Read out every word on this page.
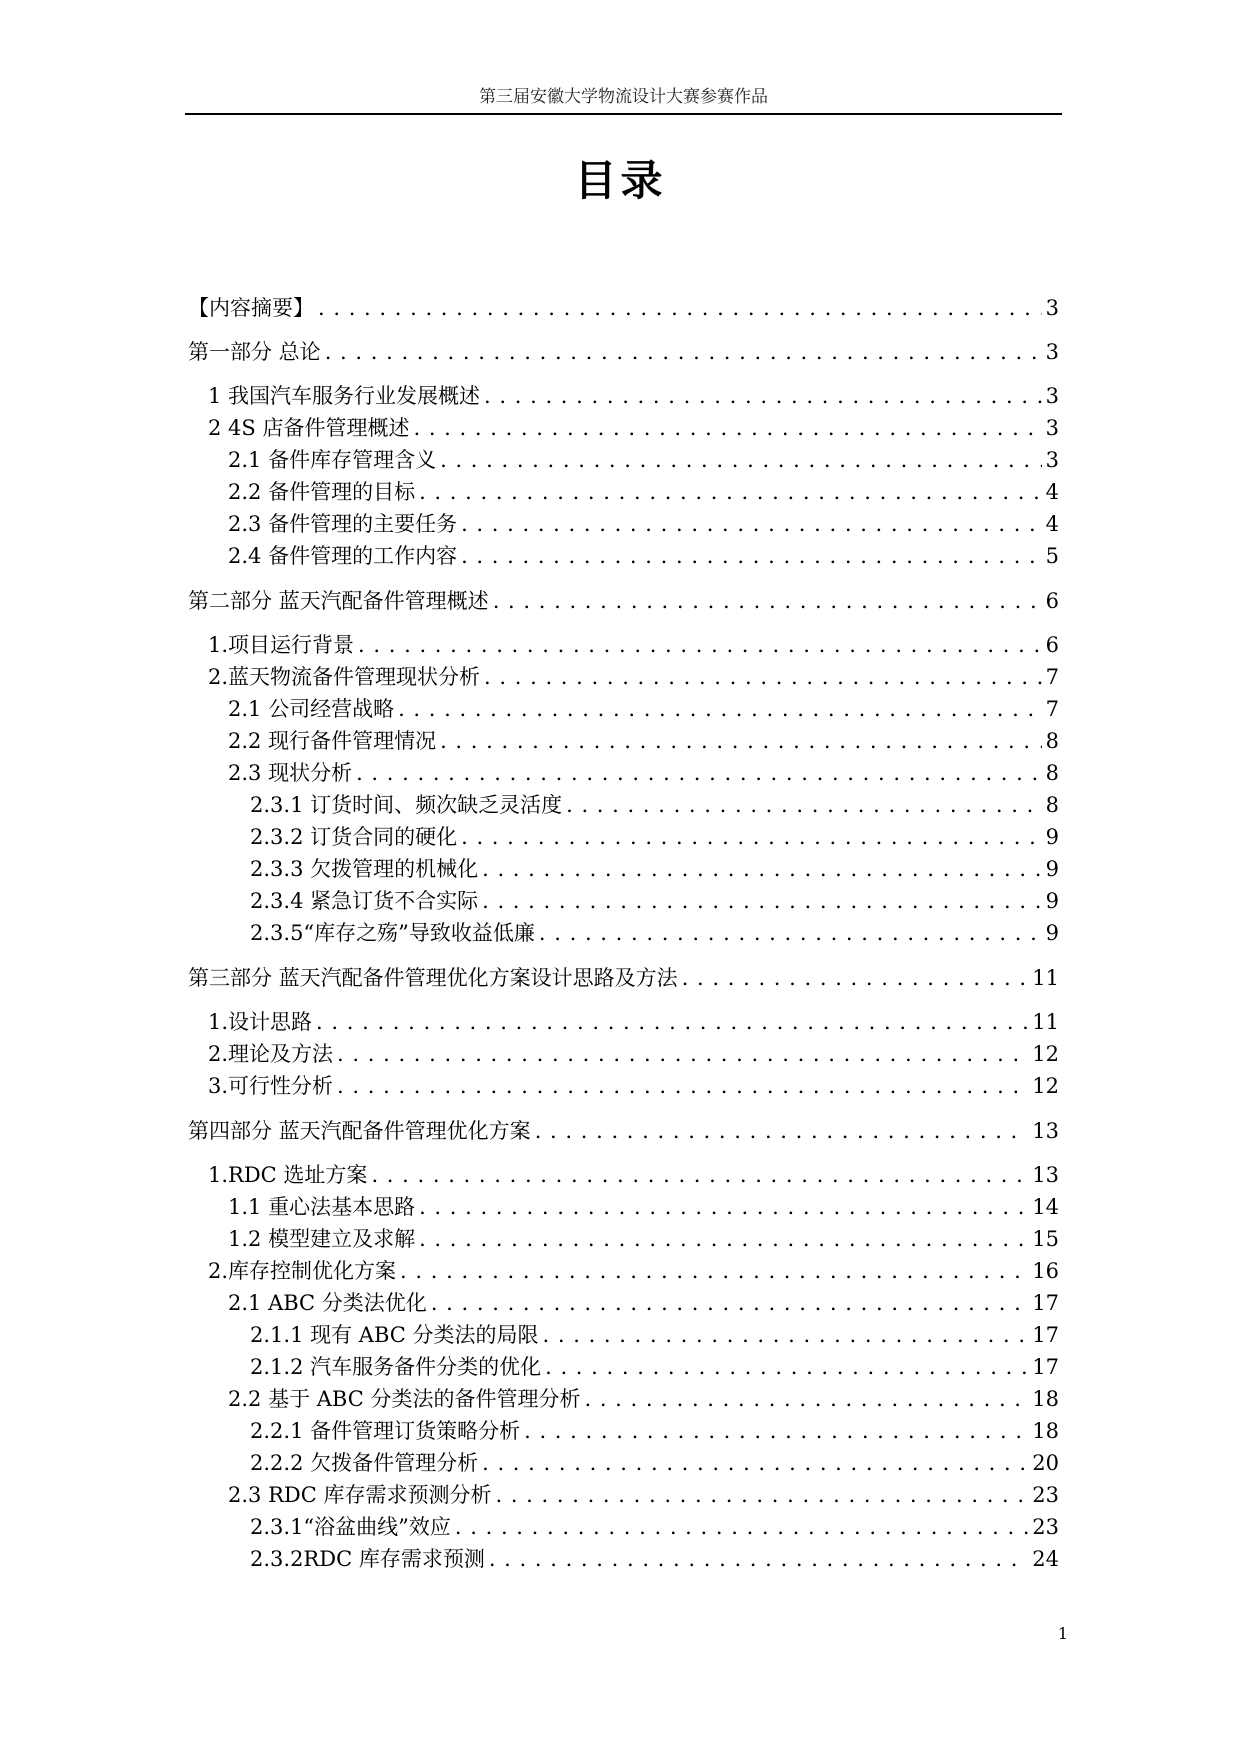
第三届安徽大学物流设计大赛参赛作品
目录
【内容摘要】 . . .	3
第一部分 总论 . . .	3
1 我国汽车服务行业发展概述 . . .	3
2 4S 店备件管理概述 . . .	3
2.1 备件库存管理含义 . . .	3
2.2 备件管理的目标 . . .	4
2.3 备件管理的主要任务 . . .	4
2.4 备件管理的工作内容 . . .	5
第二部分 蓝天汽配备件管理概述 . . .	6
1.项目运行背景 . . .	6
2.蓝天物流备件管理现状分析 . . .	7
2.1 公司经营战略 . . .	7
2.2 现行备件管理情况 . . .	8
2.3 现状分析 . . .	8
2.3.1 订货时间、频次缺乏灵活度 . . .	8
2.3.2 订货合同的硬化 . . .	9
2.3.3 欠拨管理的机械化 . . .	9
2.3.4 紧急订货不合实际 . . .	9
2.3.5“库存之殇”导致收益低廉 . . .	9
第三部分 蓝天汽配备件管理优化方案设计思路及方法 . . .	11
1.设计思路 . . .	11
2.理论及方法 . . .	12
3.可行性分析 . . .	12
第四部分 蓝天汽配备件管理优化方案 . . .	13
1.RDC 选址方案 . . .	13
1.1 重心法基本思路 . . .	14
1.2 模型建立及求解 . . .	15
2.库存控制优化方案 . . .	16
2.1 ABC 分类法优化 . . .	17
2.1.1 现有 ABC 分类法的局限 . . .	17
2.1.2 汽车服务备件分类的优化 . . .	17
2.2 基于 ABC 分类法的备件管理分析 . . .	18
2.2.1 备件管理订货策略分析 . . .	18
2.2.2 欠拨备件管理分析 . . .	20
2.3 RDC 库存需求预测分析 . . .	23
2.3.1“浴盆曲线”效应 . . .	23
2.3.2RDC 库存需求预测 . . .	24
1
